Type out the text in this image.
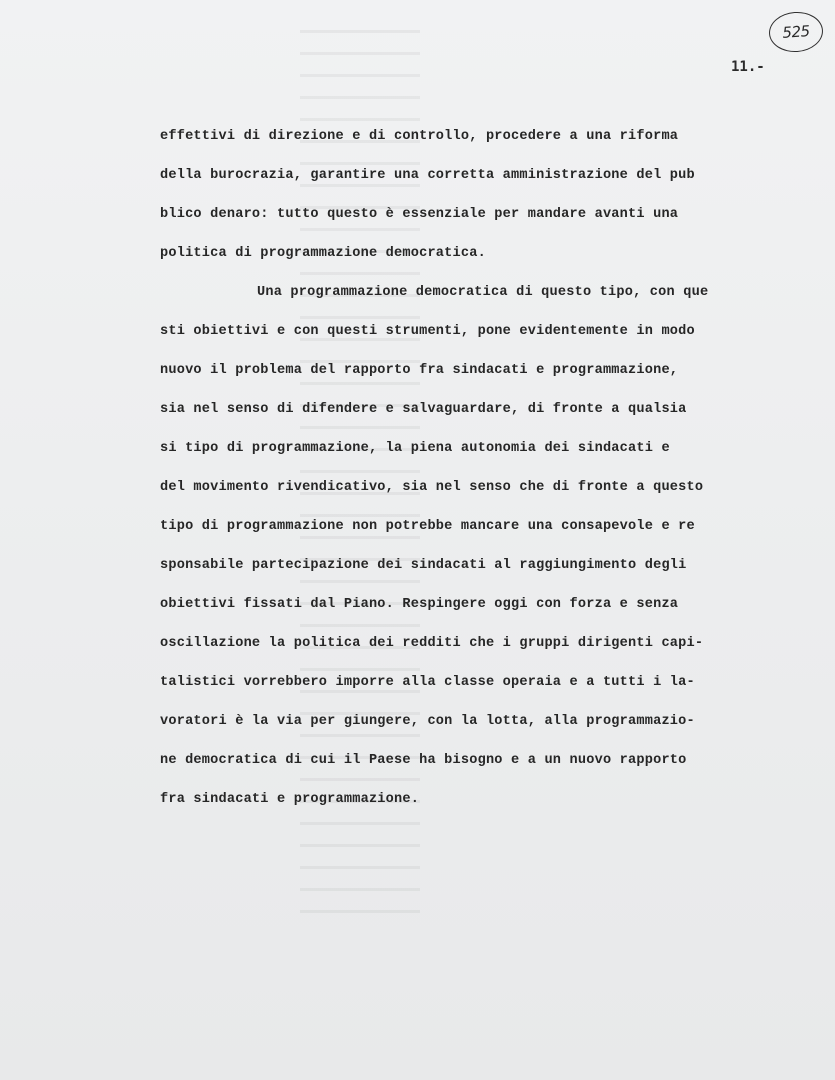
525
11.-
effettivi di direzione e di controllo, procedere a una riforma
della burocrazia, garantire una corretta amministrazione del pub
blico denaro: tutto questo è essenziale per mandare avanti una
politica di programmazione democratica.
Una programmazione democratica di questo tipo, con que
sti obiettivi e con questi strumenti, pone evidentemente in modo
nuovo il problema del rapporto fra sindacati e programmazione,
sia nel senso di difendere e salvaguardare, di fronte a qualsia
si tipo di programmazione, la piena autonomia dei sindacati e
del movimento rivendicativo, sia nel senso che di fronte a questo
tipo di programmazione non potrebbe mancare una consapevole e re
sponsabile partecipazione dei sindacati al raggiungimento degli
obiettivi fissati dal Piano. Respingere oggi con forza e senza
oscillazione la politica dei redditi che i gruppi dirigenti capi-
talistici vorrebbero imporre alla classe operaia e a tutti i la-
voratori è la via per giungere, con la lotta, alla programmazio-
ne democratica di cui il Paese ha bisogno e a un nuovo rapporto
fra sindacati e programmazione.
